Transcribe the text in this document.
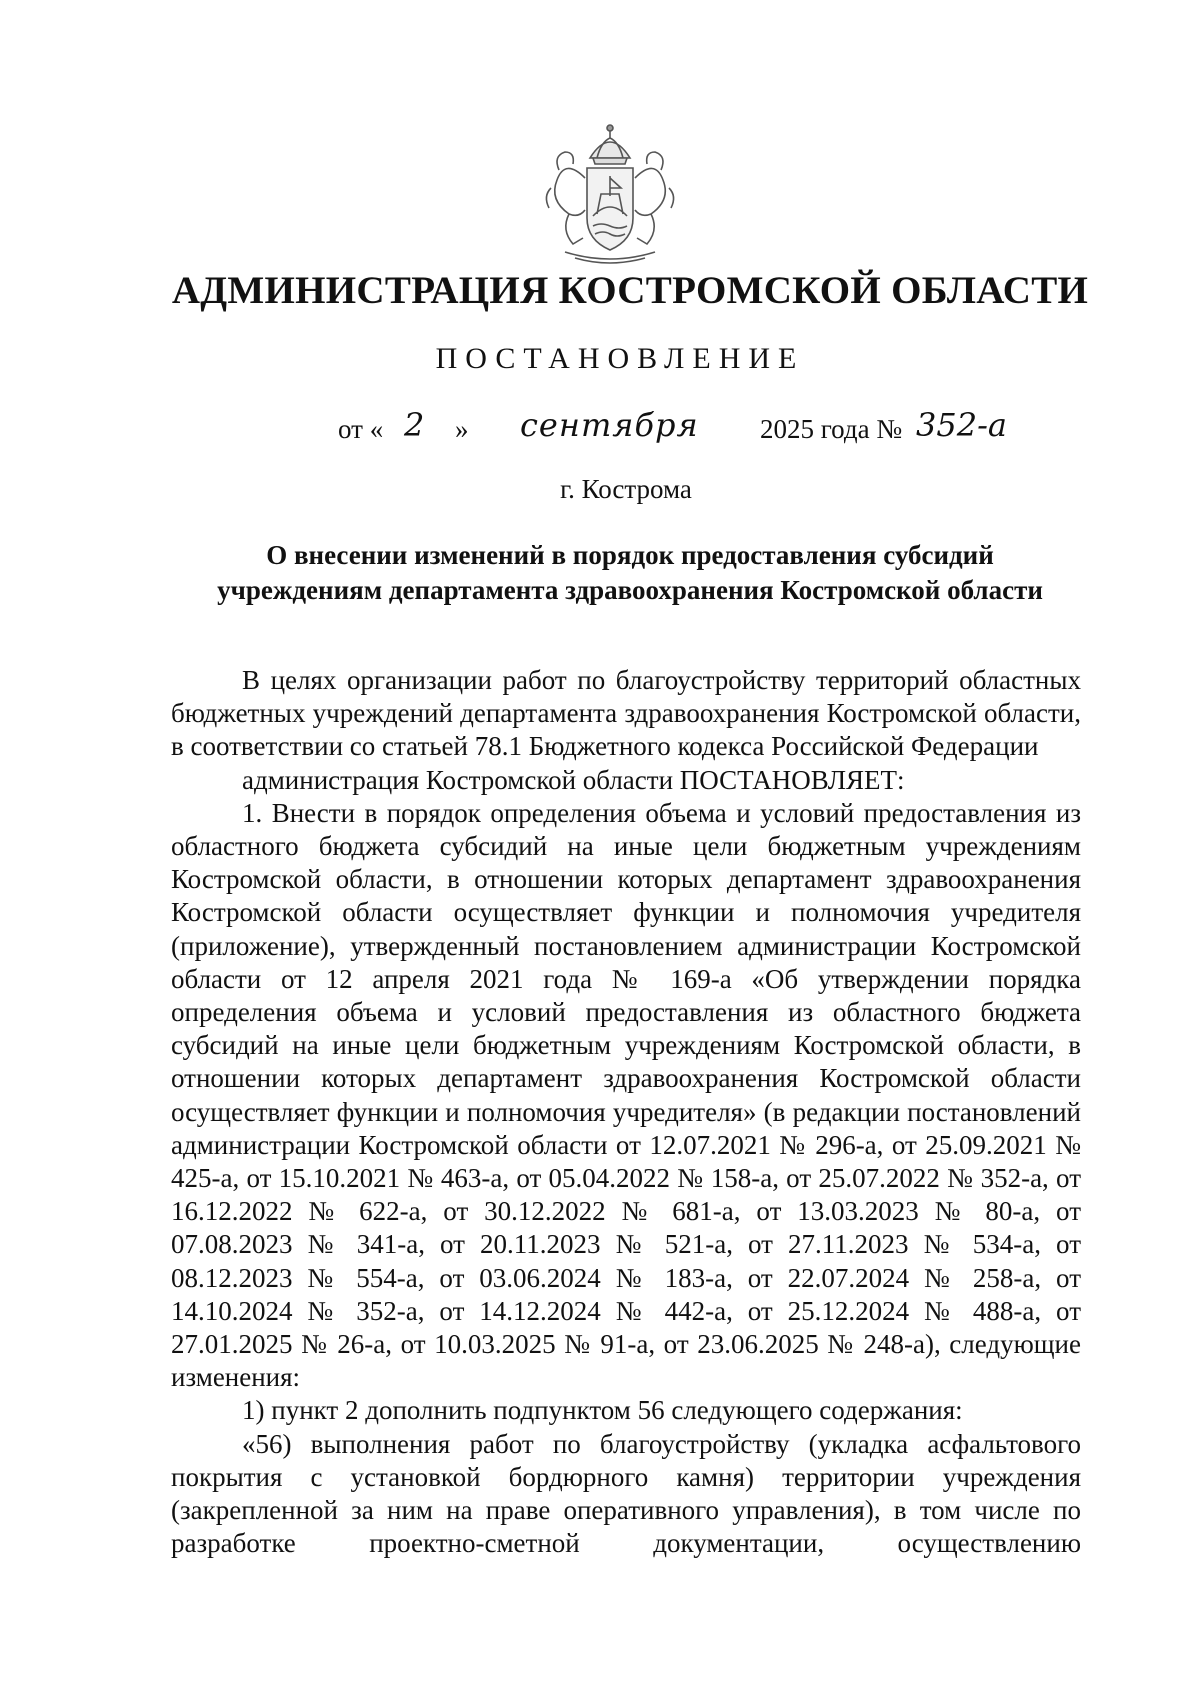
АДМИНИСТРАЦИЯ КОСТРОМСКОЙ ОБЛАСТИ
ПОСТАНОВЛЕНИЕ
от « 2 » сентября 2025 года № 352-а
г. Кострома
О внесении изменений в порядок предоставления субсидий
учреждениям департамента здравоохранения Костромской области

В целях организации работ по благоустройству территорий областных бюджетных учреждений департамента здравоохранения Костромской области, в соответствии со статьей 78.1 Бюджетного кодекса Российской Федерации

администрация Костромской области ПОСТАНОВЛЯЕТ:

1. Внести в порядок определения объема и условий предоставления из областного бюджета субсидий на иные цели бюджетным учреждениям Костромской области, в отношении которых департамент здравоохранения Костромской области осуществляет функции и полномочия учредителя (приложение), утвержденный постановлением администрации Костромской области от 12 апреля 2021 года № 169-а «Об утверждении порядка определения объема и условий предоставления из областного бюджета субсидий на иные цели бюджетным учреждениям Костромской области, в отношении которых департамент здравоохранения Костромской области осуществляет функции и полномочия учредителя» (в редакции постановлений администрации Костромской области от 12.07.2021 № 296-а, от 25.09.2021 № 425-а, от 15.10.2021 № 463-а, от 05.04.2022 № 158-а, от 25.07.2022 № 352-а, от 16.12.2022 № 622-а, от 30.12.2022 № 681-а, от 13.03.2023 № 80-а, от 07.08.2023 № 341-а, от 20.11.2023 № 521-а, от 27.11.2023 № 534-а, от 08.12.2023 № 554-а, от 03.06.2024 № 183-а, от 22.07.2024 № 258-а, от 14.10.2024 № 352-а, от 14.12.2024 № 442-а, от 25.12.2024 № 488-а, от 27.01.2025 № 26-а, от 10.03.2025 № 91-а, от 23.06.2025 № 248-а), следующие изменения:

1) пункт 2 дополнить подпунктом 56 следующего содержания:

«56) выполнения работ по благоустройству (укладка асфальтового покрытия с установкой бордюрного камня) территории учреждения (закрепленной за ним на праве оперативного управления), в том числе по разработке проектно-сметной документации, осуществлению
